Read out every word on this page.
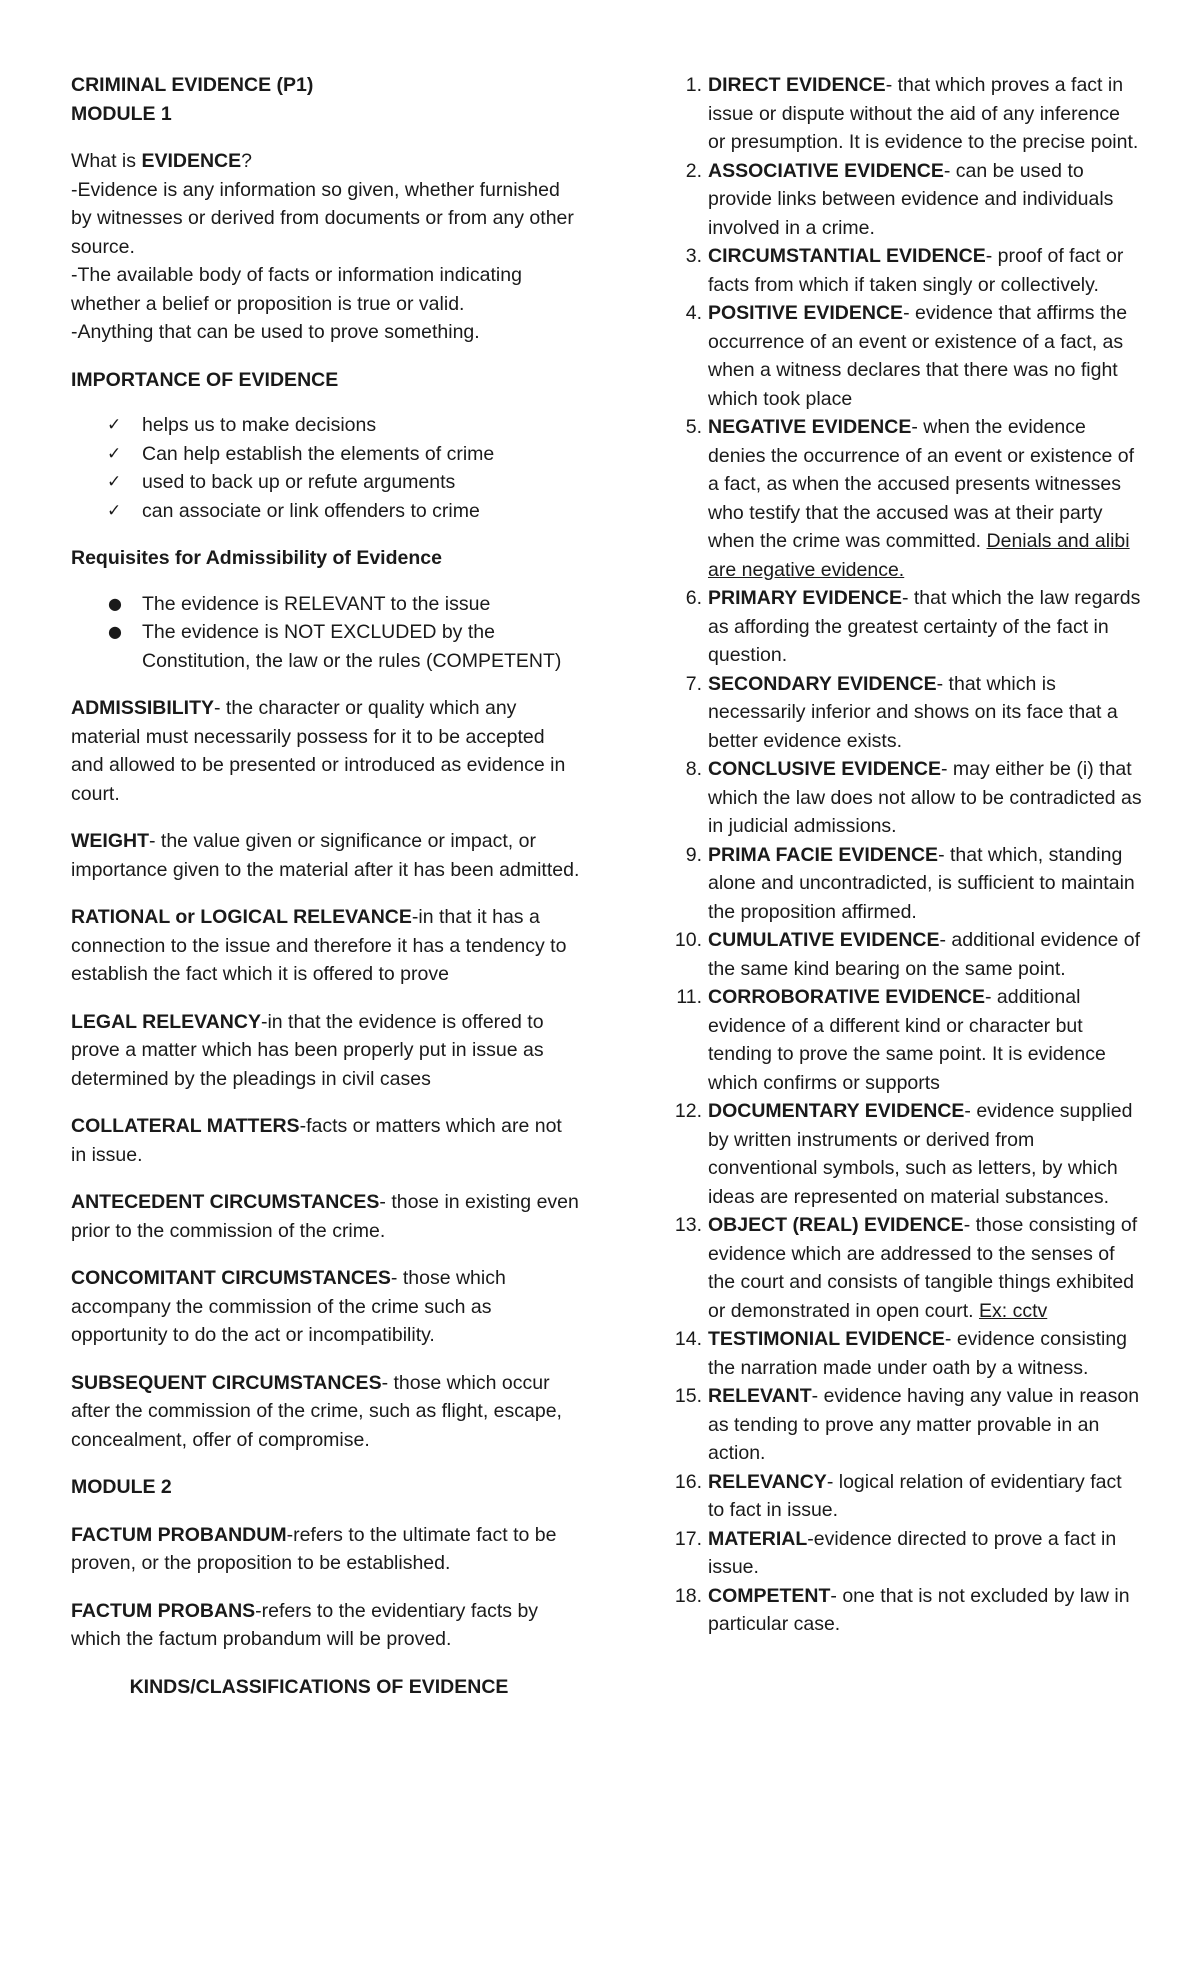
CRIMINAL EVIDENCE (P1)

MODULE 1

What is EVIDENCE?

-Evidence is any information so given, whether furnished by witnesses or derived from documents or from any other source.

-The available body of facts or information indicating whether a belief or proposition is true or valid.

-Anything that can be used to prove something.

IMPORTANCE OF EVIDENCE

✓ helps us to make decisions
✓ Can help establish the elements of crime
✓ used to back up or refute arguments
✓ can associate or link offenders to crime

Requisites for Admissibility of Evidence

● The evidence is RELEVANT to the issue
● The evidence is NOT EXCLUDED by the Constitution, the law or the rules (COMPETENT)

ADMISSIBILITY- the character or quality which any material must necessarily possess for it to be accepted and allowed to be presented or introduced as evidence in court.

WEIGHT- the value given or significance or impact, or importance given to the material after it has been admitted.

RATIONAL or LOGICAL RELEVANCE-in that it has a connection to the issue and therefore it has a tendency to establish the fact which it is offered to prove

LEGAL RELEVANCY-in that the evidence is offered to prove a matter which has been properly put in issue as determined by the pleadings in civil cases

COLLATERAL MATTERS-facts or matters which are not in issue.

ANTECEDENT CIRCUMSTANCES- those in existing even prior to the commission of the crime.

CONCOMITANT CIRCUMSTANCES- those which accompany the commission of the crime such as opportunity to do the act or incompatibility.

SUBSEQUENT CIRCUMSTANCES- those which occur after the commission of the crime, such as flight, escape, concealment, offer of compromise.

MODULE 2

FACTUM PROBANDUM-refers to the ultimate fact to be proven, or the proposition to be established.

FACTUM PROBANS-refers to the evidentiary facts by which the factum probandum will be proved.

KINDS/CLASSIFICATIONS OF EVIDENCE

1. DIRECT EVIDENCE- that which proves a fact in issue or dispute without the aid of any inference or presumption. It is evidence to the precise point.
2. ASSOCIATIVE EVIDENCE- can be used to provide links between evidence and individuals involved in a crime.
3. CIRCUMSTANTIAL EVIDENCE- proof of fact or facts from which if taken singly or collectively.
4. POSITIVE EVIDENCE- evidence that affirms the occurrence of an event or existence of a fact, as when a witness declares that there was no fight which took place
5. NEGATIVE EVIDENCE- when the evidence denies the occurrence of an event or existence of a fact, as when the accused presents witnesses who testify that the accused was at their party when the crime was committed. Denials and alibi are negative evidence.
6. PRIMARY EVIDENCE- that which the law regards as affording the greatest certainty of the fact in question.
7. SECONDARY EVIDENCE- that which is necessarily inferior and shows on its face that a better evidence exists.
8. CONCLUSIVE EVIDENCE- may either be (i) that which the law does not allow to be contradicted as in judicial admissions.
9. PRIMA FACIE EVIDENCE- that which, standing alone and uncontradicted, is sufficient to maintain the proposition affirmed.
10. CUMULATIVE EVIDENCE- additional evidence of the same kind bearing on the same point.
11. CORROBORATIVE EVIDENCE- additional evidence of a different kind or character but tending to prove the same point. It is evidence which confirms or supports
12. DOCUMENTARY EVIDENCE- evidence supplied by written instruments or derived from conventional symbols, such as letters, by which ideas are represented on material substances.
13. OBJECT (REAL) EVIDENCE- those consisting of evidence which are addressed to the senses of the court and consists of tangible things exhibited or demonstrated in open court. Ex: cctv
14. TESTIMONIAL EVIDENCE- evidence consisting the narration made under oath by a witness.
15. RELEVANT- evidence having any value in reason as tending to prove any matter provable in an action.
16. RELEVANCY- logical relation of evidentiary fact to fact in issue.
17. MATERIAL-evidence directed to prove a fact in issue.
18. COMPETENT- one that is not excluded by law in particular case.
